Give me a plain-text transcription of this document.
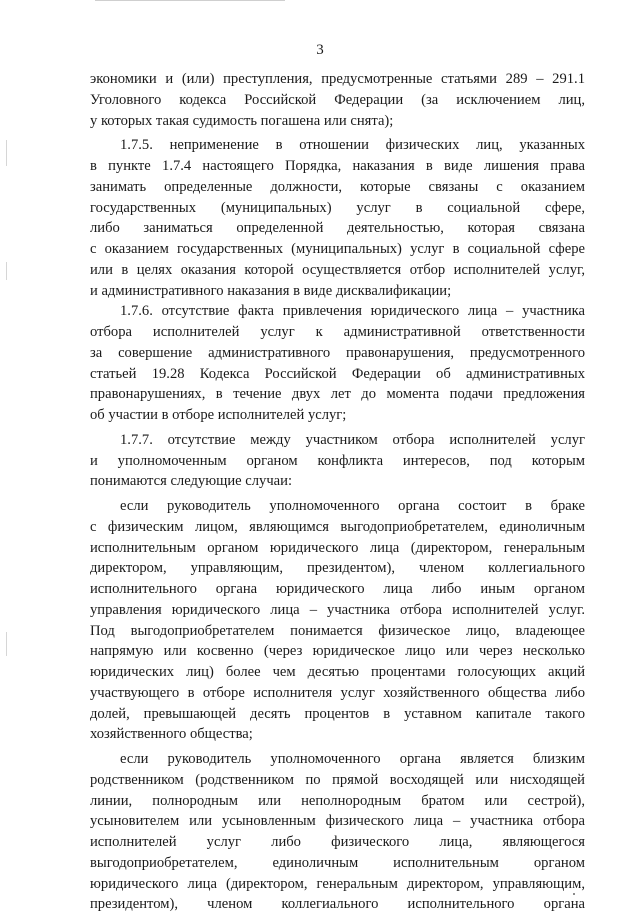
3

экономики и (или) преступления, предусмотренные статьями 289 – 291.1

Уголовного кодекса Российской Федерации (за исключением лиц,

у которых такая судимость погашена или снята);

1.7.5. неприменение в отношении физических лиц, указанных

в пункте 1.7.4 настоящего Порядка, наказания в виде лишения права

занимать определенные должности, которые связаны с оказанием

государственных (муниципальных) услуг в социальной сфере,

либо заниматься определенной деятельностью, которая связана

с оказанием государственных (муниципальных) услуг в социальной сфере

или в целях оказания которой осуществляется отбор исполнителей услуг,

и административного наказания в виде дисквалификации;

1.7.6. отсутствие факта привлечения юридического лица – участника

отбора исполнителей услуг к административной ответственности

за совершение административного правонарушения, предусмотренного

статьей 19.28 Кодекса Российской Федерации об административных

правонарушениях, в течение двух лет до момента подачи предложения

об участии в отборе исполнителей услуг;

1.7.7. отсутствие между участником отбора исполнителей услуг

и уполномоченным органом конфликта интересов, под которым

понимаются следующие случаи:

если руководитель уполномоченного органа состоит в браке

с физическим лицом, являющимся выгодоприобретателем, единоличным

исполнительным органом юридического лица (директором, генеральным

директором, управляющим, президентом), членом коллегиального

исполнительного органа юридического лица либо иным органом

управления юридического лица – участника отбора исполнителей услуг.

Под выгодоприобретателем понимается физическое лицо, владеющее

напрямую или косвенно (через юридическое лицо или через несколько

юридических лиц) более чем десятью процентами голосующих акций

участвующего в отборе исполнителя услуг хозяйственного общества либо

долей, превышающей десять процентов в уставном капитале такого

хозяйственного общества;

если руководитель уполномоченного органа является близким

родственником (родственником по прямой восходящей или нисходящей

линии, полнородным или неполнородным братом или сестрой),

усыновителем или усыновленным физического лица – участника отбора

исполнителей услуг либо физического лица, являющегося

выгодоприобретателем, единоличным исполнительным органом

юридического лица (директором, генеральным директором, управляющим,

президентом), членом коллегиального исполнительного органа
